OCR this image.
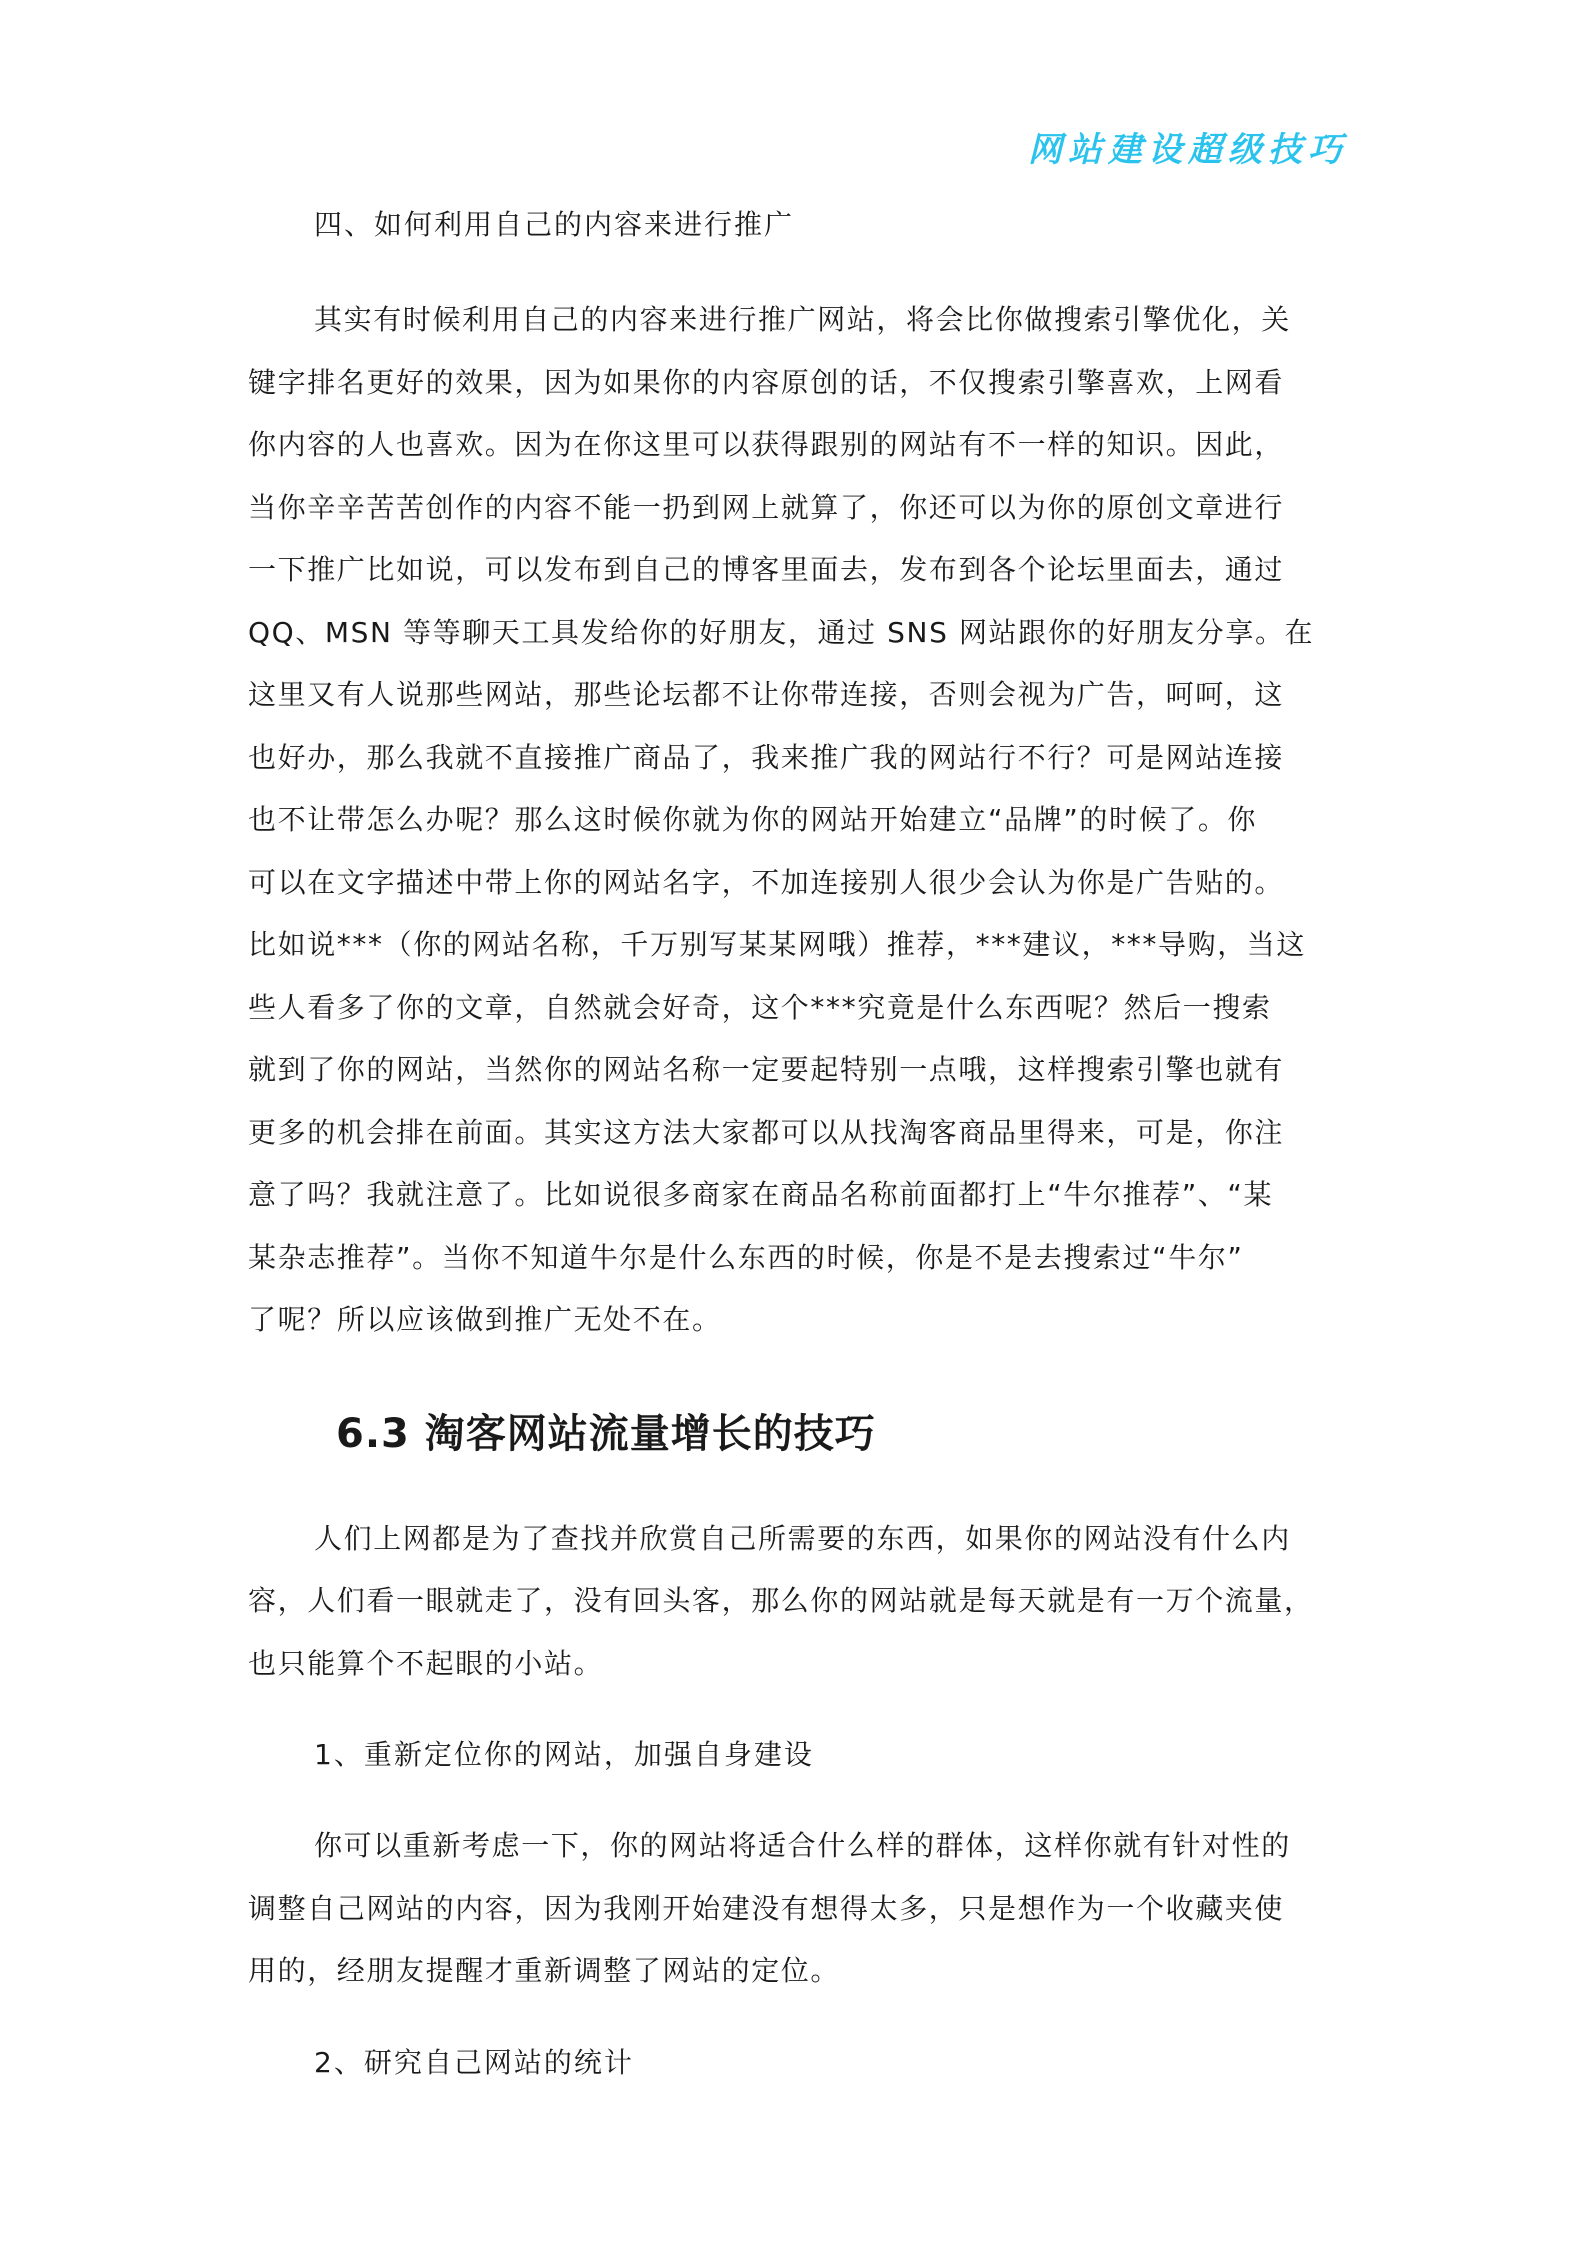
网站建设超级技巧
四、如何利用自己的内容来进行推广
其实有时候利用自己的内容来进行推广网站，将会比你做搜索引擎优化，关
键字排名更好的效果，因为如果你的内容原创的话，不仅搜索引擎喜欢，上网看
你内容的人也喜欢。因为在你这里可以获得跟别的网站有不一样的知识。因此，
当你辛辛苦苦创作的内容不能一扔到网上就算了，你还可以为你的原创文章进行
一下推广比如说，可以发布到自己的博客里面去，发布到各个论坛里面去，通过
QQ、MSN 等等聊天工具发给你的好朋友，通过 SNS 网站跟你的好朋友分享。在
这里又有人说那些网站，那些论坛都不让你带连接，否则会视为广告，呵呵，这
也好办，那么我就不直接推广商品了，我来推广我的网站行不行？可是网站连接
也不让带怎么办呢？那么这时候你就为你的网站开始建立“品牌”的时候了。你
可以在文字描述中带上你的网站名字，不加连接别人很少会认为你是广告贴的。
比如说***（你的网站名称，千万别写某某网哦）推荐，***建议，***导购，当这
些人看多了你的文章，自然就会好奇，这个***究竟是什么东西呢？然后一搜索
就到了你的网站，当然你的网站名称一定要起特别一点哦，这样搜索引擎也就有
更多的机会排在前面。其实这方法大家都可以从找淘客商品里得来，可是，你注
意了吗？我就注意了。比如说很多商家在商品名称前面都打上“牛尔推荐”、“某
某杂志推荐”。当你不知道牛尔是什么东西的时候，你是不是去搜索过“牛尔”
了呢？所以应该做到推广无处不在。
6.3 淘客网站流量增长的技巧
人们上网都是为了查找并欣赏自己所需要的东西，如果你的网站没有什么内
容，人们看一眼就走了，没有回头客，那么你的网站就是每天就是有一万个流量，
也只能算个不起眼的小站。
1、重新定位你的网站，加强自身建设
你可以重新考虑一下，你的网站将适合什么样的群体，这样你就有针对性的
调整自己网站的内容，因为我刚开始建没有想得太多，只是想作为一个收藏夹使
用的，经朋友提醒才重新调整了网站的定位。
2、研究自己网站的统计
